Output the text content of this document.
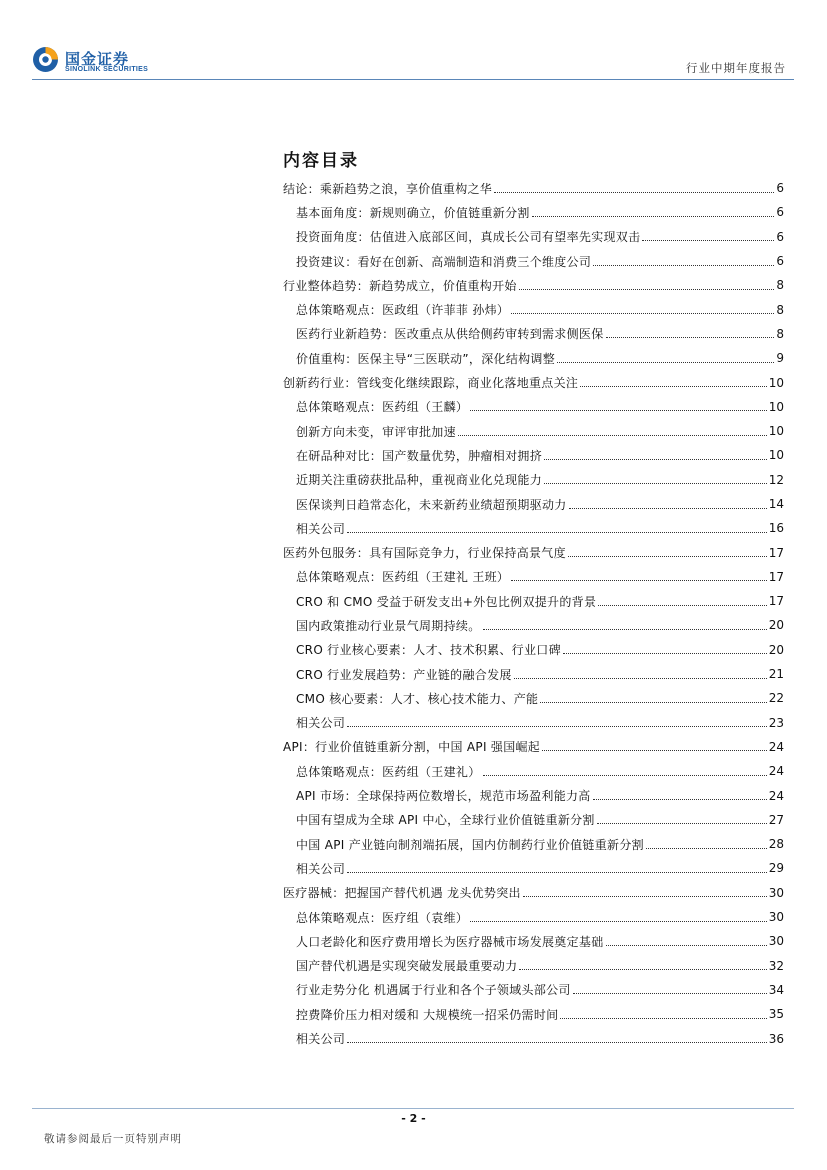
国金证券
SINOLINK SECURITIES	行业中期年度报告
内容目录
结论：乘新趋势之浪，享价值重构之华	6
基本面角度：新规则确立，价值链重新分割	6
投资面角度：估值进入底部区间，真成长公司有望率先实现双击	6
投资建议：看好在创新、高端制造和消费三个维度公司	6
行业整体趋势：新趋势成立，价值重构开始	8
总体策略观点：医政组（许菲菲 孙炜）	8
医药行业新趋势：医改重点从供给侧药审转到需求侧医保	8
价值重构：医保主导“三医联动”，深化结构调整	9
创新药行业：管线变化继续跟踪，商业化落地重点关注	10
总体策略观点：医药组（王麟）	10
创新方向未变，审评审批加速	10
在研品种对比：国产数量优势，肿瘤相对拥挤	10
近期关注重磅获批品种，重视商业化兑现能力	12
医保谈判日趋常态化，未来新药业绩超预期驱动力	14
相关公司	16
医药外包服务：具有国际竞争力，行业保持高景气度	17
总体策略观点：医药组（王建礼 王班）	17
CRO 和 CMO 受益于研发支出+外包比例双提升的背景	17
国内政策推动行业景气周期持续。	20
CRO 行业核心要素：人才、技术积累、行业口碑	20
CRO 行业发展趋势：产业链的融合发展	21
CMO 核心要素：人才、核心技术能力、产能	22
相关公司	23
API：行业价值链重新分割，中国 API 强国崛起	24
总体策略观点：医药组（王建礼）	24
API 市场：全球保持两位数增长，规范市场盈利能力高	24
中国有望成为全球 API 中心，全球行业价值链重新分割	27
中国 API 产业链向制剂端拓展，国内仿制药行业价值链重新分割	28
相关公司	29
医疗器械：把握国产替代机遇 龙头优势突出	30
总体策略观点：医疗组（袁维）	30
人口老龄化和医疗费用增长为医疗器械市场发展奠定基础	30
国产替代机遇是实现突破发展最重要动力	32
行业走势分化 机遇属于行业和各个子领域头部公司	34
控费降价压力相对缓和 大规模统一招采仍需时间	35
相关公司	36
- 2 -
敬请参阅最后一页特别声明
